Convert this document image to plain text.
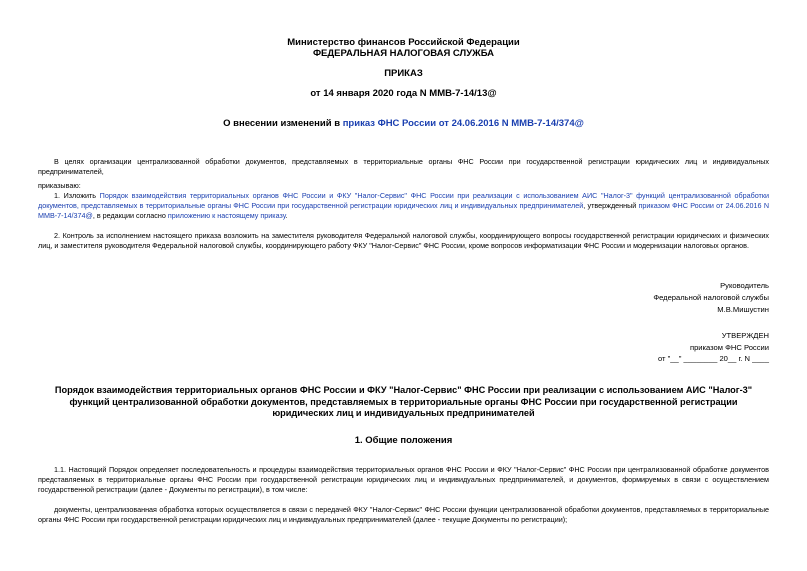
Министерство финансов Российской Федерации
ФЕДЕРАЛЬНАЯ НАЛОГОВАЯ СЛУЖБА
ПРИКАЗ
от 14 января 2020 года N ММВ-7-14/13@
О внесении изменений в приказ ФНС России от 24.06.2016 N ММВ-7-14/374@
В целях организации централизованной обработки документов, представляемых в территориальные органы ФНС России при государственной регистрации юридических лиц и индивидуальных предпринимателей,
приказываю:
1. Изложить Порядок взаимодействия территориальных органов ФНС России и ФКУ "Налог-Сервис" ФНС России при реализации с использованием АИС "Налог-3" функций централизованной обработки документов, представляемых в территориальные органы ФНС России при государственной регистрации юридических лиц и индивидуальных предпринимателей, утвержденный приказом ФНС России от 24.06.2016 N ММВ-7-14/374@, в редакции согласно приложению к настоящему приказу.
2. Контроль за исполнением настоящего приказа возложить на заместителя руководителя Федеральной налоговой службы, координирующего вопросы государственной регистрации юридических и физических лиц, и заместителя руководителя Федеральной налоговой службы, координирующего работу ФКУ "Налог-Сервис" ФНС России, кроме вопросов информатизации ФНС России и модернизации налоговых органов.
Руководитель
Федеральной налоговой службы
М.В.Мишустин
УТВЕРЖДЕН
приказом ФНС России
от "__" ________ 20__ г. N ____
Порядок взаимодействия территориальных органов ФНС России и ФКУ "Налог-Сервис" ФНС России при реализации с использованием АИС "Налог-3" функций централизованной обработки документов, представляемых в территориальные органы ФНС России при государственной регистрации юридических лиц и индивидуальных предпринимателей
1. Общие положения
1.1. Настоящий Порядок определяет последовательность и процедуры взаимодействия территориальных органов ФНС России и ФКУ "Налог-Сервис" ФНС России при централизованной обработке документов представляемых в территориальные органы ФНС России при государственной регистрации юридических лиц и индивидуальных предпринимателей, и документов, формируемых в связи с осуществлением государственной регистрации (далее - Документы по регистрации), в том числе:
документы, централизованная обработка которых осуществляется в связи с передачей ФКУ "Налог-Сервис" ФНС России функции централизованной обработки документов, представляемых в территориальные органы ФНС России при государственной регистрации юридических лиц и индивидуальных предпринимателей (далее - текущие Документы по регистрации);
